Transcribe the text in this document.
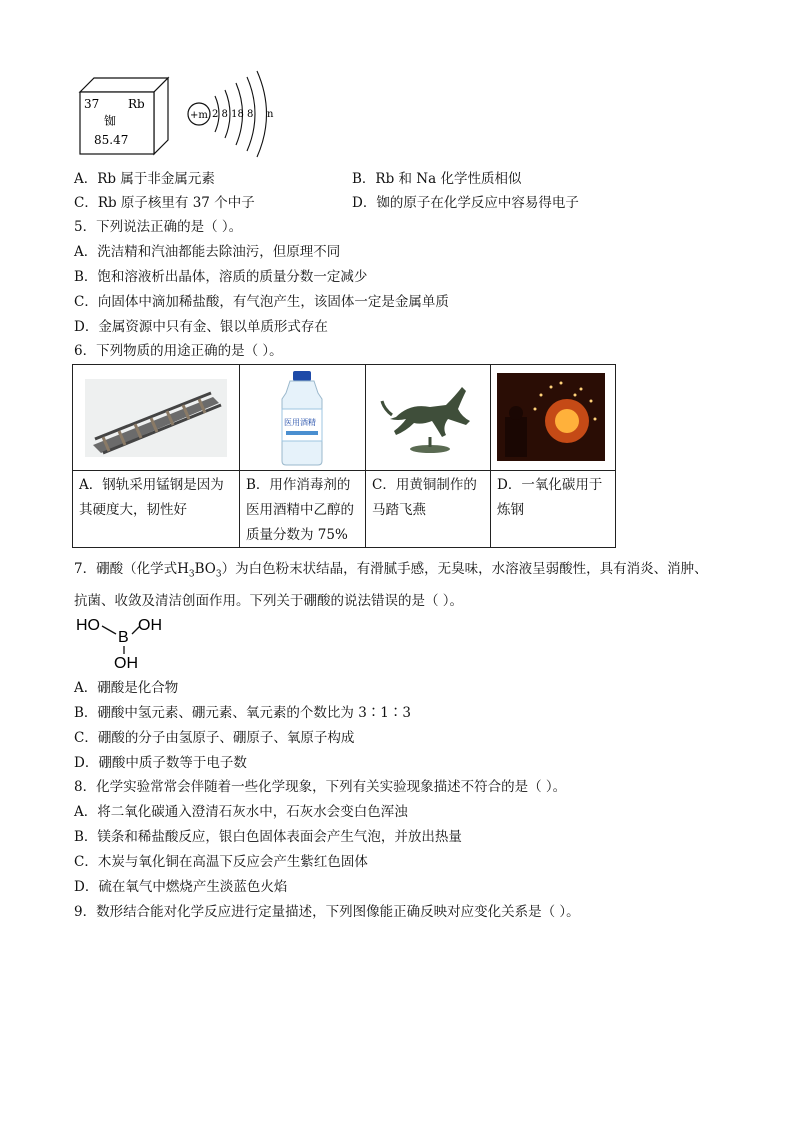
37 Rb
铷
85.47
+m 2 8 18 8 n
A．Rb 属于非金属元素	B．Rb 和 Na 化学性质相似
C．Rb 原子核里有 37 个中子	D．铷的原子在化学反应中容易得电子
5．下列说法正确的是（ ）。
A．洗洁精和汽油都能去除油污，但原理不同
B．饱和溶液析出晶体，溶质的质量分数一定减少
C．向固体中滴加稀盐酸，有气泡产生，该固体一定是金属单质
D．金属资源中只有金、银以单质形式存在
6．下列物质的用途正确的是（ ）。

医用酒精

A．钢轨采用锰钢是因为其硬度大，韧性好	B．用作消毒剂的医用酒精中乙醇的质量分数为 75%	C．用黄铜制作的马踏飞燕	D．一氧化碳用于炼钢
7．硼酸（化学式$H_3BO_3$）为白色粉末状结晶，有滑腻手感，无臭味，水溶液呈弱酸性，具有消炎、消肿、
抗菌、收敛及清洁创面作用。下列关于硼酸的说法错误的是（ ）。
HO
B
OH
OH
A．硼酸是化合物
B．硼酸中氢元素、硼元素、氧元素的个数比为 3∶1∶3
C．硼酸的分子由氢原子、硼原子、氧原子构成
D．硼酸中质子数等于电子数
8．化学实验常常会伴随着一些化学现象，下列有关实验现象描述不符合的是（ ）。
A．将二氧化碳通入澄清石灰水中，石灰水会变白色浑浊
B．镁条和稀盐酸反应，银白色固体表面会产生气泡，并放出热量
C．木炭与氧化铜在高温下反应会产生紫红色固体
D．硫在氧气中燃烧产生淡蓝色火焰
9．数形结合能对化学反应进行定量描述，下列图像能正确反映对应变化关系是（ ）。
